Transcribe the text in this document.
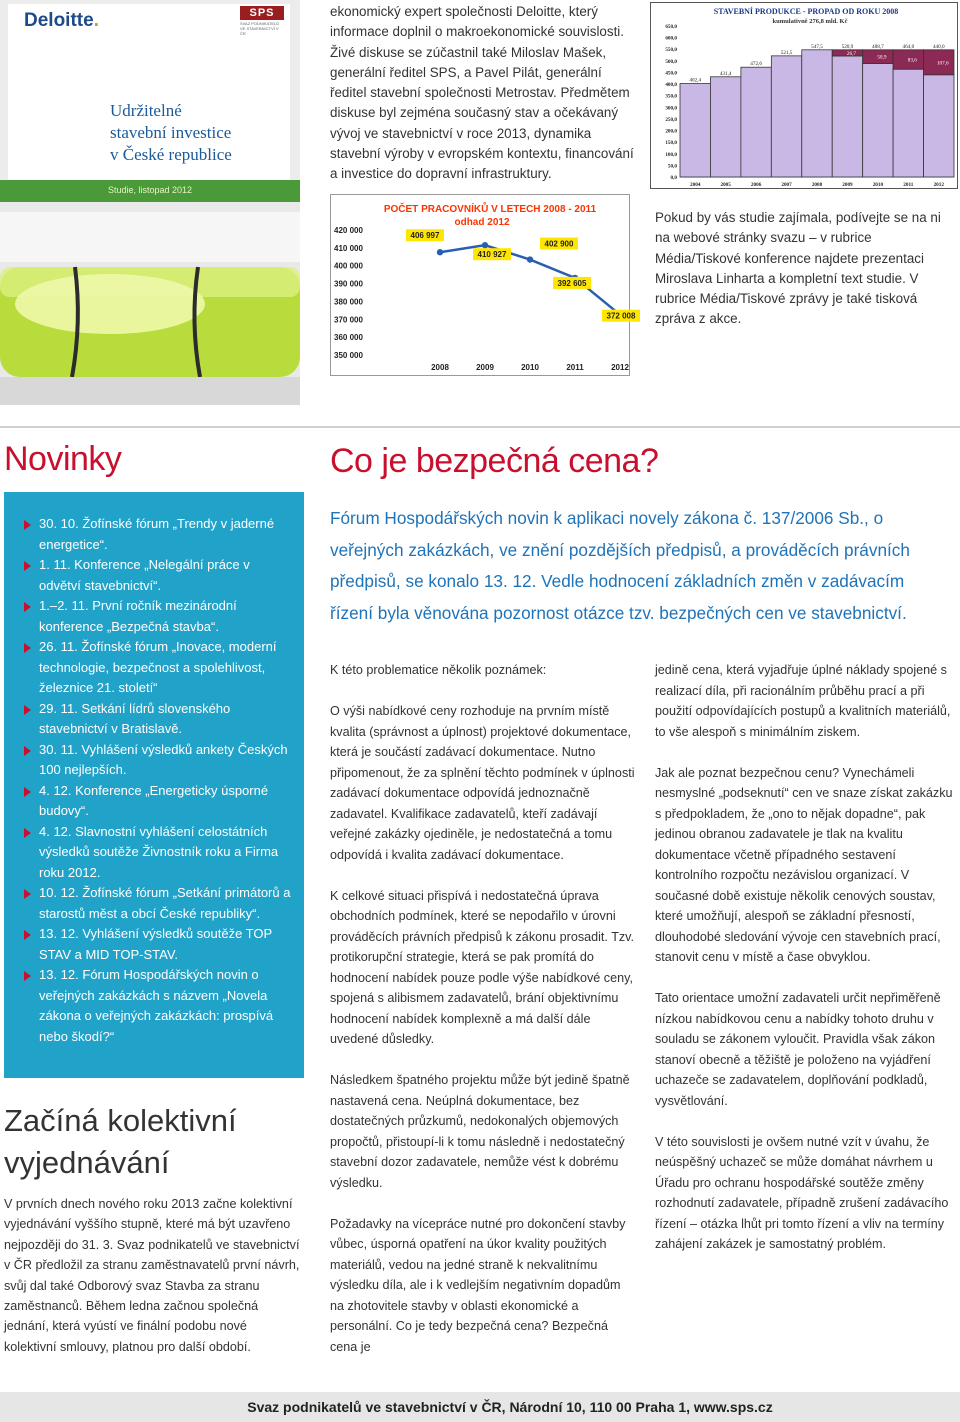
Deloitte.	SPS
SVAZ PODNIKATELŮ VE STAVEBNICTVÍ V ČR
Udržitelné
stavební investice
v České republice
Studie, listopad 2012
ekonomický expert společnosti Deloitte, který informace doplnil o makroekonomické souvislosti. Živé diskuse se zúčastnil také Miloslav Mašek, generální ředitel SPS, a Pavel Pilát, generální ředitel stavební společnosti Metrostav. Předmětem diskuse byl zejména současný stav a očekávaný vývoj ve stavebnictví v roce 2013, dynamika stavební výroby v evropském kontextu, financování a investice do dopravní infrastruktury.
STAVEBNÍ PRODUKCE - PROPAD OD ROKU 2008
kumulativně 276,8 mld. Kč
0,0
50,0
100,0
150,0
200,0
250,0
300,0
350,0
400,0
450,0
500,0
550,0
600,0
650,0
402,4
2004
431,4
2005
472,6
2006
521,5
2007
547,5
2008
520,9
26,7
2009
488,7
58,9
2010
464,0
83,6
2011
440,0
107,6
2012
POČET PRACOVNÍKŮ V LETECH 2008 - 2011
odhad 2012
420 000
410 000
400 000
390 000
380 000
370 000
360 000
350 000
406 997
410 927
402 900
392 605
372 008
2008	2009	2010	2011	2012
Pokud by vás studie zajímala, podívejte se na ni na webové stránky svazu – v rubrice Média/Tiskové konference najdete prezentaci Miroslava Linharta a kompletní text studie. V rubrice Média/Tiskové zprávy je také tisková zpráva z akce.
Novinky	Co je bezpečná cena?
30. 10. Žofínské fórum „Trendy v jaderné energetice“.
1. 11. Konference „Nelegální práce v odvětví stavebnictví“.
1.–2. 11. První ročník mezinárodní konference „Bezpečná stavba“.
26. 11. Žofínské fórum „Inovace, moderní technologie, bezpečnost a spolehlivost, železnice 21. století“
29. 11. Setkání lídrů slovenského stavebnictví v Bratislavě.
30. 11. Vyhlášení výsledků ankety Českých 100 nejlepších.
4. 12. Konference „Energeticky úsporné budovy“.
4. 12. Slavnostní vyhlášení celostátních výsledků soutěže Živnostník roku a Firma roku 2012.
10. 12. Žofínské fórum „Setkání primátorů a starostů měst a obcí České republiky“.
13. 12. Vyhlášení výsledků soutěže TOP STAV a MID TOP-STAV.
13. 12. Fórum Hospodářských novin o veřejných zakázkách s názvem „Novela zákona o veřejných zakázkách: prospívá nebo škodí?“
Začíná kolektivní vyjednávání
V prvních dnech nového roku 2013 začne kolektivní vyjednávání vyššího stupně, které má být uzavřeno nejpozději do 31. 3. Svaz podnikatelů ve stavebnictví v ČR předložil za stranu zaměstnavatelů první návrh, svůj dal také Odborový svaz Stavba za stranu zaměstnanců. Během ledna začnou společná jednání, která vyústí ve finální podobu nové kolektivní smlouvy, platnou pro další období.
Fórum Hospodářských novin k aplikaci novely zákona č. 137/2006 Sb., o veřejných zakázkách, ve znění pozdějších předpisů, a prováděcích právních předpisů, se konalo 13. 12. Vedle hodnocení základních změn v zadávacím řízení byla věnována pozornost otázce tzv. bezpečných cen ve stavebnictví.

K této problematice několik poznámek:

O výši nabídkové ceny rozhoduje na prvním místě kvalita (správnost a úplnost) projektové dokumentace, která je součástí zadávací dokumentace. Nutno připomenout, že za splnění těchto podmínek v úplnosti zadávací dokumentace odpovídá jednoznačně zadavatel. Kvalifikace zadavatelů, kteří zadávají veřejné zakázky ojediněle, je nedostatečná a tomu odpovídá i kvalita zadávací dokumentace.

K celkové situaci přispívá i nedostatečná úprava obchodních podmínek, které se nepodařilo v úrovni prováděcích právních předpisů k zákonu prosadit. Tzv. protikorupční strategie, která se pak promítá do hodnocení nabídek pouze podle výše nabídkové ceny, spojená s alibismem zadavatelů, brání objektivnímu hodnocení nabídek komplexně a má další dále uvedené důsledky.

Následkem špatného projektu může být jedině špatně nastavená cena. Neúplná dokumentace, bez dostatečných průzkumů, nedokonalých objemových propočtů, přistoupí-li k tomu následně i nedostatečný stavební dozor zadavatele, nemůže vést k dobrému výsledku.

Požadavky na vícepráce nutné pro dokončení stavby vůbec, úsporná opatření na úkor kvality použitých materiálů, vedou na jedné straně k nekvalitnímu výsledku díla, ale i k vedlejším negativním dopadům na zhotovitele stavby v oblasti ekonomické a personální. Co je tedy bezpečná cena? Bezpečná cena je

jedině cena, která vyjadřuje úplné náklady spojené s realizací díla, při racionálním průběhu prací a při použití odpovídajících postupů a kvalitních materiálů, to vše alespoň s minimálním ziskem.

Jak ale poznat bezpečnou cenu? Vynechámeli nesmyslné „podseknutí“ cen ve snaze získat zakázku s předpokladem, že „ono to nějak dopadne“, pak jedinou obranou zadavatele je tlak na kvalitu dokumentace včetně případného sestavení kontrolního rozpočtu nezávislou organizací. V současné době existuje několik cenových soustav, které umožňují, alespoň se základní přesností, dlouhodobé sledování vývoje cen stavebních prací, stanovit cenu v místě a čase obvyklou.

Tato orientace umožní zadavateli určit nepřiměřeně nízkou nabídkovou cenu a nabídky tohoto druhu v souladu se zákonem vyloučit. Pravidla však zákon stanoví obecně a těžiště je položeno na vyjádření uchazeče se zadavatelem, doplňování podkladů, vysvětlování.

V této souvislosti je ovšem nutné vzít v úvahu, že neúspěšný uchazeč se může domáhat návrhem u Úřadu pro ochranu hospodářské soutěže změny rozhodnutí zadavatele, případně zrušení zadávacího řízení – otázka lhůt pri tomto řízení a vliv na termíny zahájení zakázek je samostatný problém.

Svaz podnikatelů ve stavebnictví v ČR, Národní 10, 110 00 Praha 1, www.sps.cz
